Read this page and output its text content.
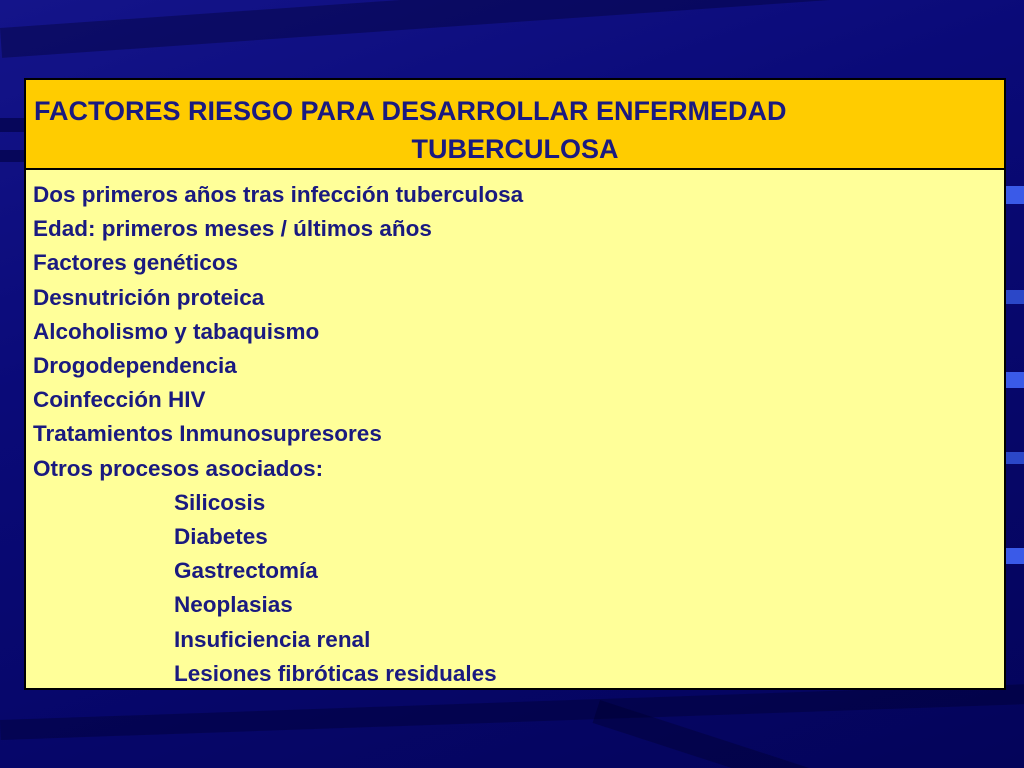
FACTORES RIESGO PARA DESARROLLAR ENFERMEDAD
TUBERCULOSA
Dos primeros años tras infección tuberculosa
Edad: primeros meses / últimos años
Factores genéticos
Desnutrición proteica
Alcoholismo y tabaquismo
Drogodependencia
Coinfección HIV
Tratamientos Inmunosupresores
Otros procesos asociados:
Silicosis
Diabetes
Gastrectomía
Neoplasias
Insuficiencia renal
Lesiones fibróticas residuales
